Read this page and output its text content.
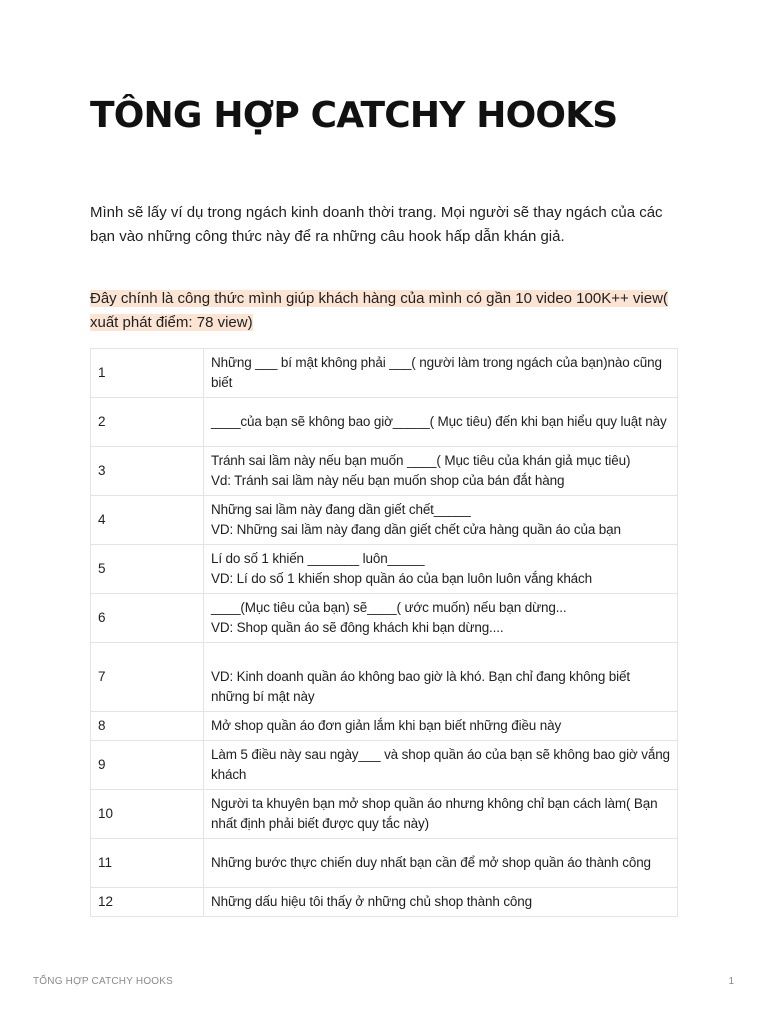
TÔNG HỢP CATCHY HOOKS

Mình sẽ lấy ví dụ trong ngách kinh doanh thời trang. Mọi người sẽ thay ngách của các bạn vào những công thức này để ra những câu hook hấp dẫn khán giả.

Đây chính là công thức mình giúp khách hàng của mình có gần 10 video 100K++ view( xuất phát điểm: 78 view)

1	Những ___ bí mật không phải ___( người làm trong ngách của bạn)nào cũng biết

2	____của bạn sẽ không bao giờ_____( Mục tiêu) đến khi bạn hiểu quy luật này

3	Tránh sai lầm này nếu bạn muốn ____( Mục tiêu của khán giả mục tiêu)
Vd: Tránh sai lầm này nếu bạn muốn shop của bán đắt hàng

4	Những sai lầm này đang dần giết chết_____
VD: Những sai lầm này đang dần giết chết cửa hàng quần áo của bạn

5	Lí do số 1 khiến _______ luôn_____
VD: Lí do số 1 khiến shop quần áo của bạn luôn luôn vắng khách

6	____(Mục tiêu của bạn) sẽ____( ước muốn) nếu bạn dừng...
VD: Shop quần áo sẽ đông khách khi bạn dừng....

7	VD: Kinh doanh quần áo không bao giờ là khó. Bạn chỉ đang không biết những bí mật này

8	Mở shop quần áo đơn giản lắm khi bạn biết những điều này

9	Làm 5 điều này sau ngày___ và shop quần áo của bạn sẽ không bao giờ vắng khách

10	Người ta khuyên bạn mở shop quần áo nhưng không chỉ bạn cách làm( Bạn nhất định phải biết được quy tắc này)

11	Những bước thực chiến duy nhất bạn cần để mở shop quần áo thành công

12	Những dấu hiệu tôi thấy ở những chủ shop thành công
TỔNG HỢP CATCHY HOOKS	1
